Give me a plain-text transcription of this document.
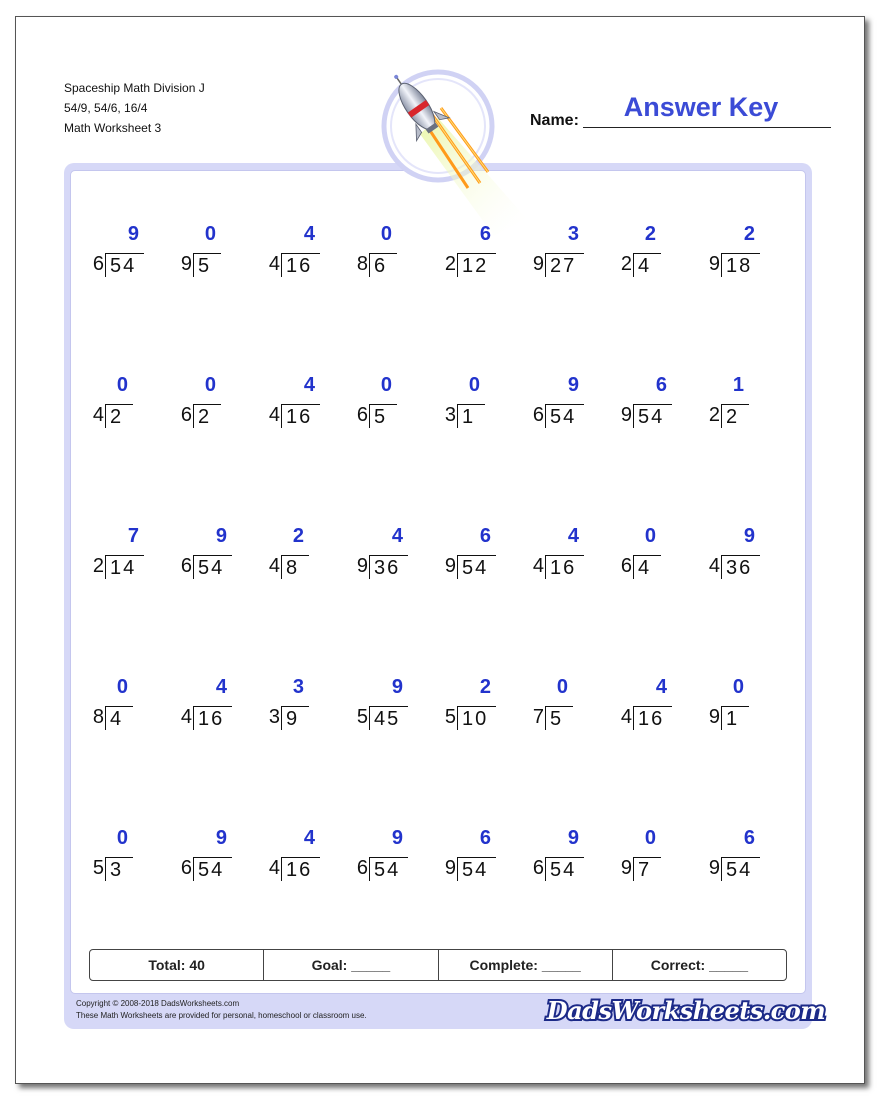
Spaceship Math Division J
54/9, 54/6, 16/4
Math Worksheet 3
Answer Key
Name:
9
6 54
0
9 5
4
4 16
0
8 6
6
2 12
3
9 27
2
2 4
2
9 18
0
4 2
0
6 2
4
4 16
0
6 5
0
3 1
9
6 54
6
9 54
1
2 2
7
2 14
9
6 54
2
4 8
4
9 36
6
9 54
4
4 16
0
6 4
9
4 36
0
8 4
4
4 16
3
3 9
9
5 45
2
5 10
0
7 5
4
4 16
0
9 1
0
5 3
9
6 54
4
4 16
9
6 54
6
9 54
9
6 54
0
9 7
6
9 54
Total: 40	Goal: _____	Complete: _____	Correct: _____
Copyright © 2008-2018 DadsWorksheets.com
These Math Worksheets are provided for personal, homeschool or classroom use.	DadsWorksheets.com
